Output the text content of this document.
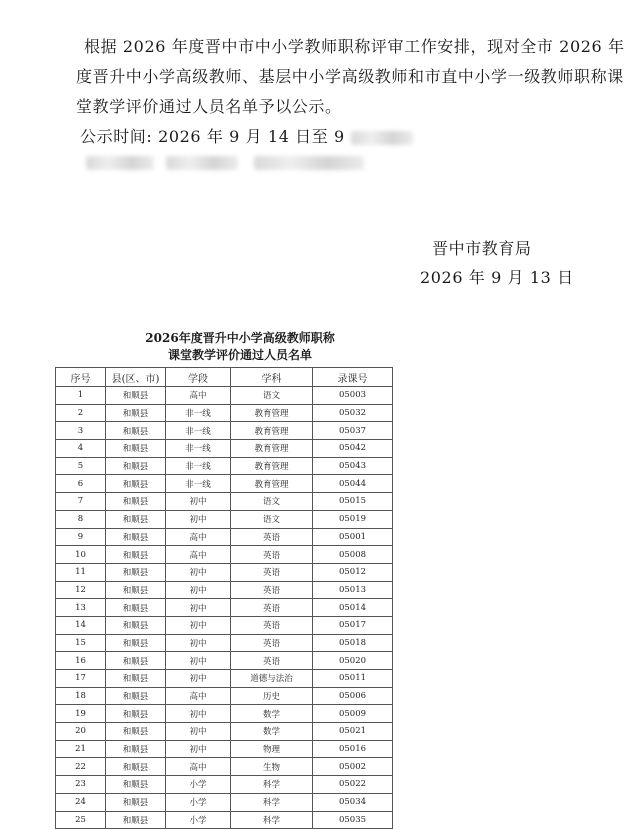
根据 2026 年度晋中市中小学教师职称评审工作安排，现对全市 2026 年
度晋升中小学高级教师、基层中小学高级教师和市直中小学一级教师职称课
堂教学评价通过人员名单予以公示。

公示时间: 2026 年 9 月 14 日至 9

晋中市教育局
2026 年 9 月 13 日
2026年度晋升中小学高级教师职称
课堂教学评价通过人员名单
序号	县(区、市)	学段	学科	录课号
1	和顺县	高中	语文	05003
2	和顺县	非一线	教育管理	05032
3	和顺县	非一线	教育管理	05037
4	和顺县	非一线	教育管理	05042
5	和顺县	非一线	教育管理	05043
6	和顺县	非一线	教育管理	05044
7	和顺县	初中	语文	05015
8	和顺县	初中	语文	05019
9	和顺县	高中	英语	05001
10	和顺县	高中	英语	05008
11	和顺县	初中	英语	05012
12	和顺县	初中	英语	05013
13	和顺县	初中	英语	05014
14	和顺县	初中	英语	05017
15	和顺县	初中	英语	05018
16	和顺县	初中	英语	05020
17	和顺县	初中	道德与法治	05011
18	和顺县	高中	历史	05006
19	和顺县	初中	数学	05009
20	和顺县	初中	数学	05021
21	和顺县	初中	物理	05016
22	和顺县	高中	生物	05002
23	和顺县	小学	科学	05022
24	和顺县	小学	科学	05034
25	和顺县	小学	科学	05035
